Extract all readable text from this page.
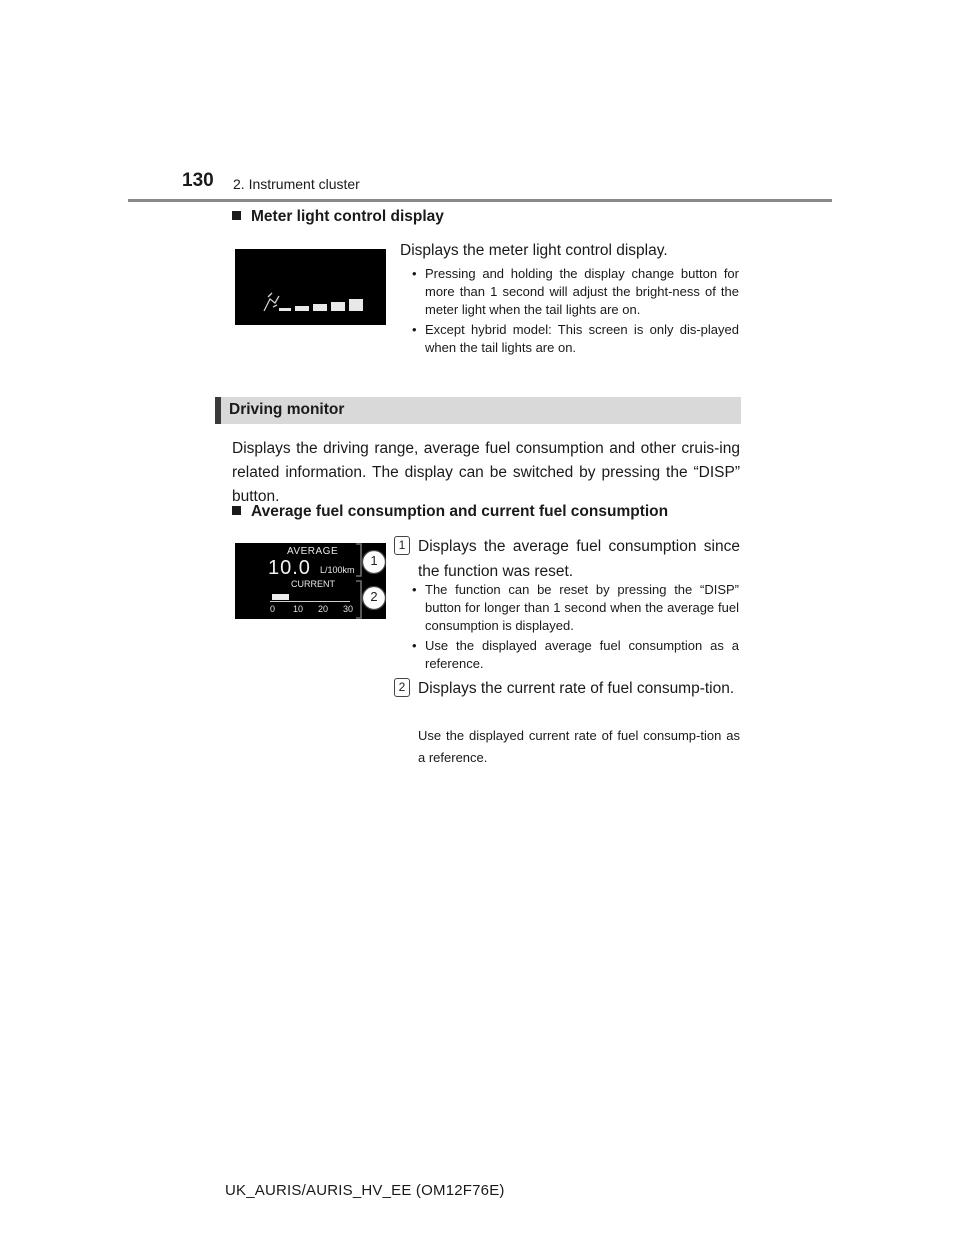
130 2. Instrument cluster
Meter light control display
Displays the meter light control display.
• Pressing and holding the display change button for more than 1 second will adjust the bright-ness of the meter light when the tail lights are on.
• Except hybrid model: This screen is only dis-played when the tail lights are on.
Driving monitor
Displays the driving range, average fuel consumption and other cruis-ing related information. The display can be switched by pressing the “DISP” button.
Average fuel consumption and current fuel consumption
AVERAGE
10.0 L/100km
CURRENT
0 10 20 30
1
2
1 Displays the average fuel consumption since the function was reset.
• The function can be reset by pressing the “DISP” button for longer than 1 second when the average fuel consumption is displayed.
• Use the displayed average fuel consumption as a reference.
2 Displays the current rate of fuel consump-tion.
Use the displayed current rate of fuel consump-tion as a reference.
UK_AURIS/AURIS_HV_EE (OM12F76E)
